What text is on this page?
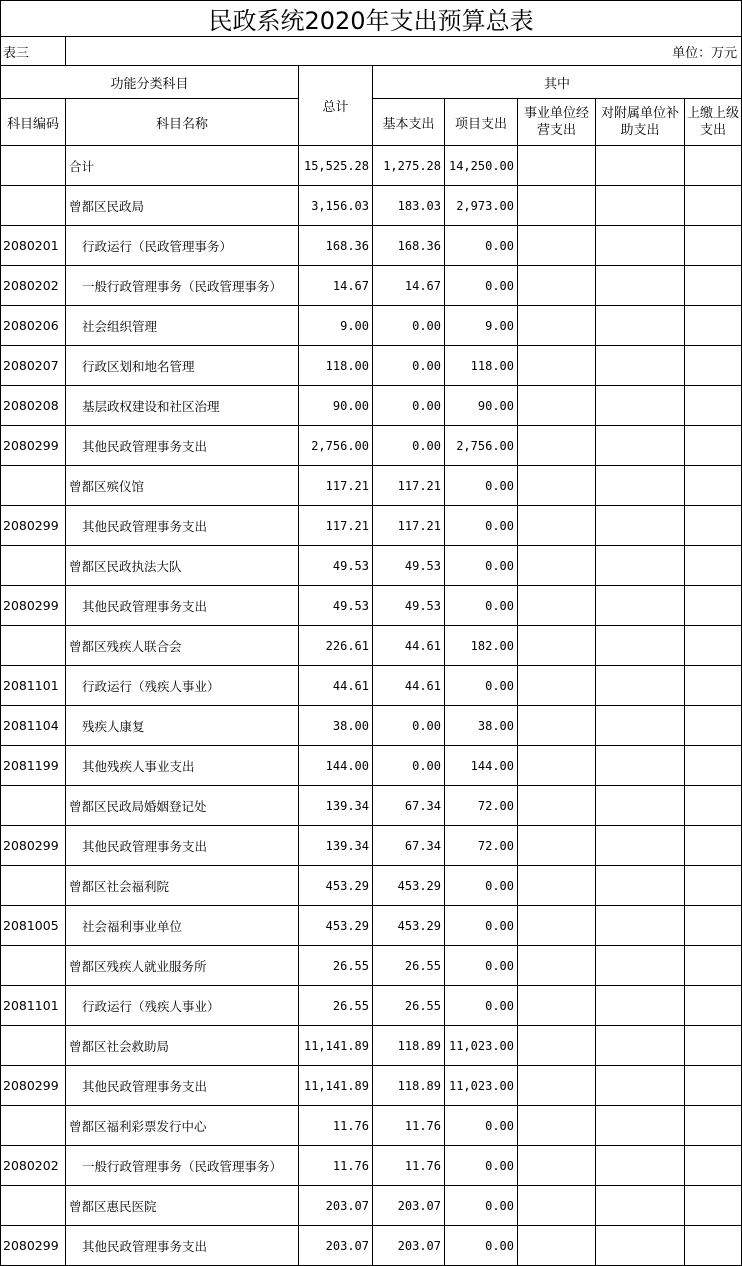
民政系统2020年支出预算总表							
表三	单位：万元						
功能分类科目		总计	其中				
科目编码	科目名称		基本支出	项目支出	事业单位经营支出	对附属单位补助支出	上缴上级支出
	合计	15,525.28	1,275.28	14,250.00			
	曾都区民政局	3,156.03	183.03	2,973.00			
2080201	行政运行（民政管理事务）	168.36	168.36	0.00			
2080202	一般行政管理事务（民政管理事务）	14.67	14.67	0.00			
2080206	社会组织管理	9.00	0.00	9.00			
2080207	行政区划和地名管理	118.00	0.00	118.00			
2080208	基层政权建设和社区治理	90.00	0.00	90.00			
2080299	其他民政管理事务支出	2,756.00	0.00	2,756.00			
	曾都区殡仪馆	117.21	117.21	0.00			
2080299	其他民政管理事务支出	117.21	117.21	0.00			
	曾都区民政执法大队	49.53	49.53	0.00			
2080299	其他民政管理事务支出	49.53	49.53	0.00			
	曾都区残疾人联合会	226.61	44.61	182.00			
2081101	行政运行（残疾人事业）	44.61	44.61	0.00			
2081104	残疾人康复	38.00	0.00	38.00			
2081199	其他残疾人事业支出	144.00	0.00	144.00			
	曾都区民政局婚姻登记处	139.34	67.34	72.00			
2080299	其他民政管理事务支出	139.34	67.34	72.00			
	曾都区社会福利院	453.29	453.29	0.00			
2081005	社会福利事业单位	453.29	453.29	0.00			
	曾都区残疾人就业服务所	26.55	26.55	0.00			
2081101	行政运行（残疾人事业）	26.55	26.55	0.00			
	曾都区社会救助局	11,141.89	118.89	11,023.00			
2080299	其他民政管理事务支出	11,141.89	118.89	11,023.00			
	曾都区福利彩票发行中心	11.76	11.76	0.00			
2080202	一般行政管理事务（民政管理事务）	11.76	11.76	0.00			
	曾都区惠民医院	203.07	203.07	0.00			
2080299	其他民政管理事务支出	203.07	203.07	0.00			
